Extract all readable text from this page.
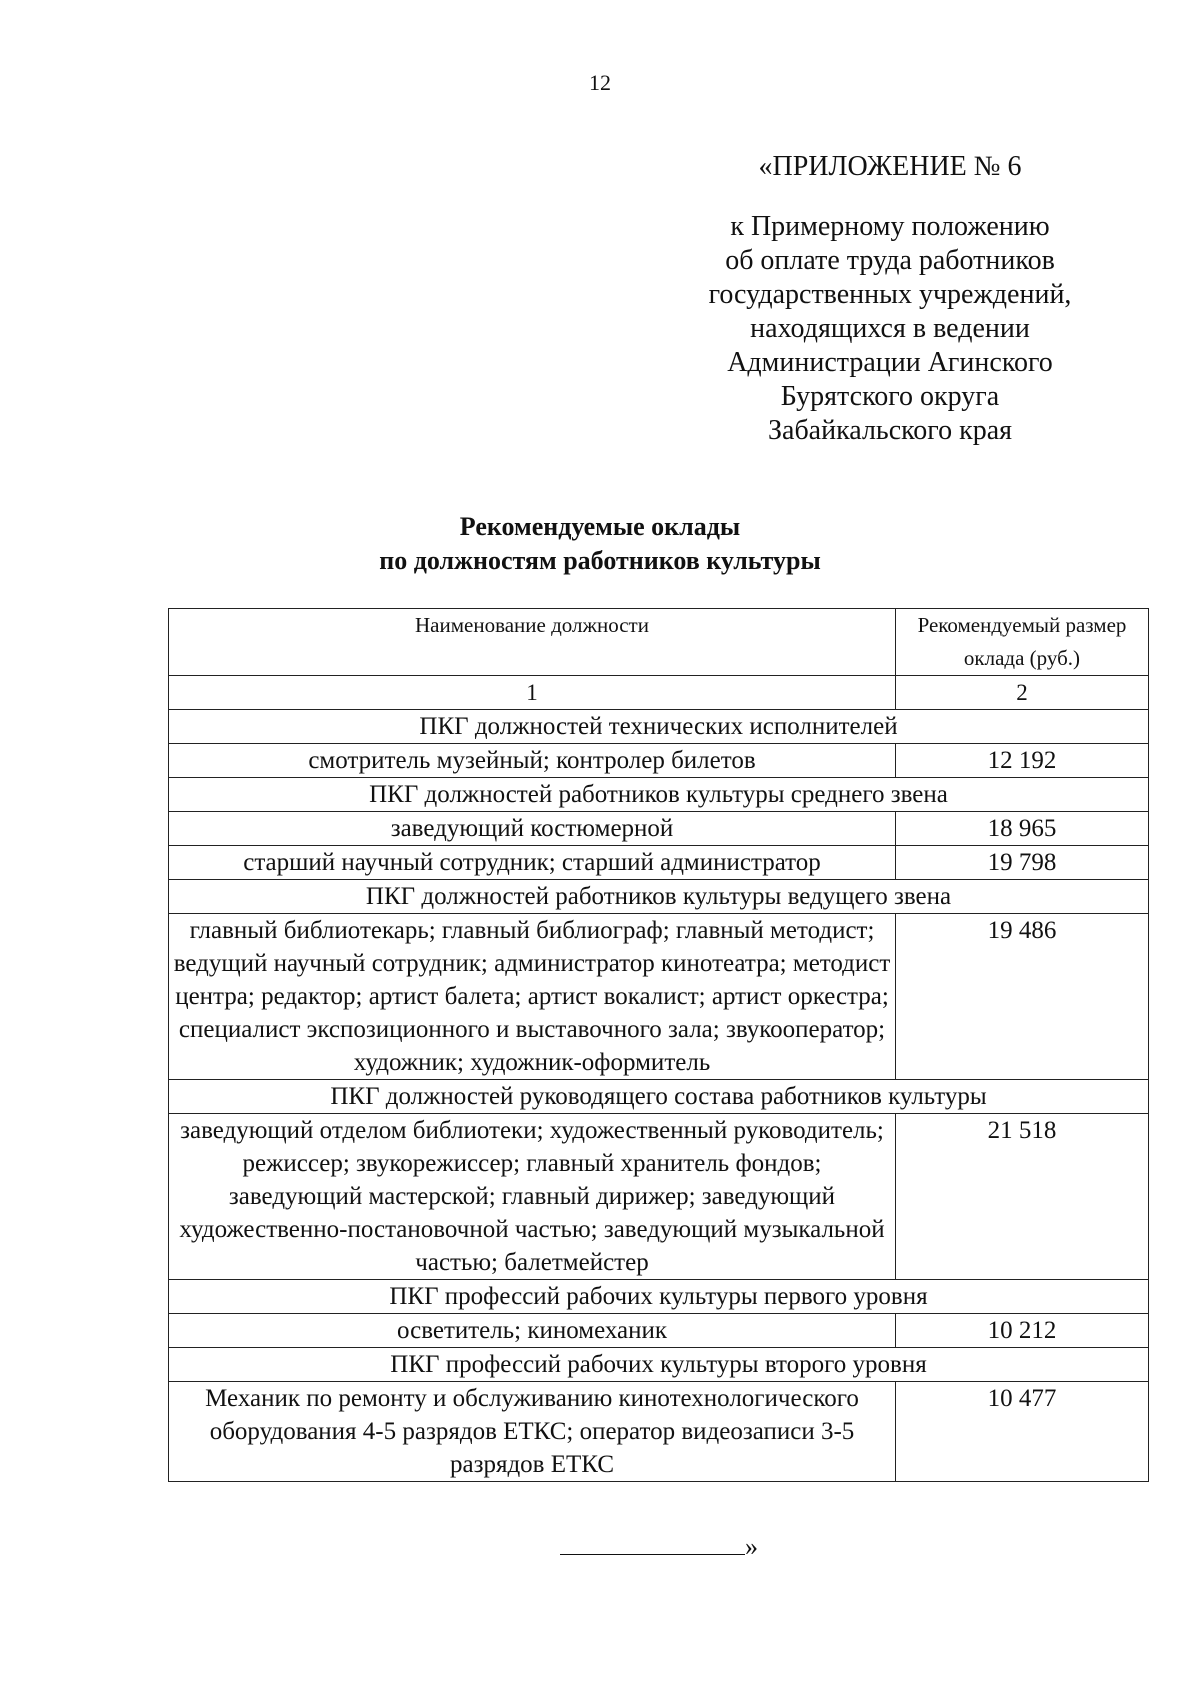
12
«ПРИЛОЖЕНИЕ № 6
к Примерному положению
об оплате труда работников
государственных учреждений,
находящихся в ведении
Администрации Агинского
Бурятского округа
Забайкальского края
Рекомендуемые оклады
по должностям работников культуры
Наименование должности	Рекомендуемый размер оклада (руб.)
1	2
ПКГ должностей технических исполнителей	
смотритель музейный; контролер билетов	12 192
ПКГ должностей работников культуры среднего звена	
заведующий костюмерной	18 965
старший научный сотрудник; старший администратор	19 798
ПКГ должностей работников культуры ведущего звена	
главный библиотекарь; главный библиограф; главный методист; ведущий научный сотрудник; администратор кинотеатра; методист центра; редактор; артист балета; артист вокалист; артист оркестра; специалист экспозиционного и выставочного зала; звукооператор; художник; художник-оформитель	19 486
ПКГ должностей руководящего состава работников культуры	
заведующий отделом библиотеки; художественный руководитель; режиссер; звукорежиссер; главный хранитель фондов; заведующий мастерской; главный дирижер; заведующий художественно-постановочной частью; заведующий музыкальной частью; балетмейстер	21 518
ПКГ профессий рабочих культуры первого уровня	
осветитель; киномеханик	10 212
ПКГ профессий рабочих культуры второго уровня	
Механик по ремонту и обслуживанию кинотехнологического оборудования 4-5 разрядов ЕТКС; оператор видеозаписи 3-5 разрядов ЕТКС	10 477
»
